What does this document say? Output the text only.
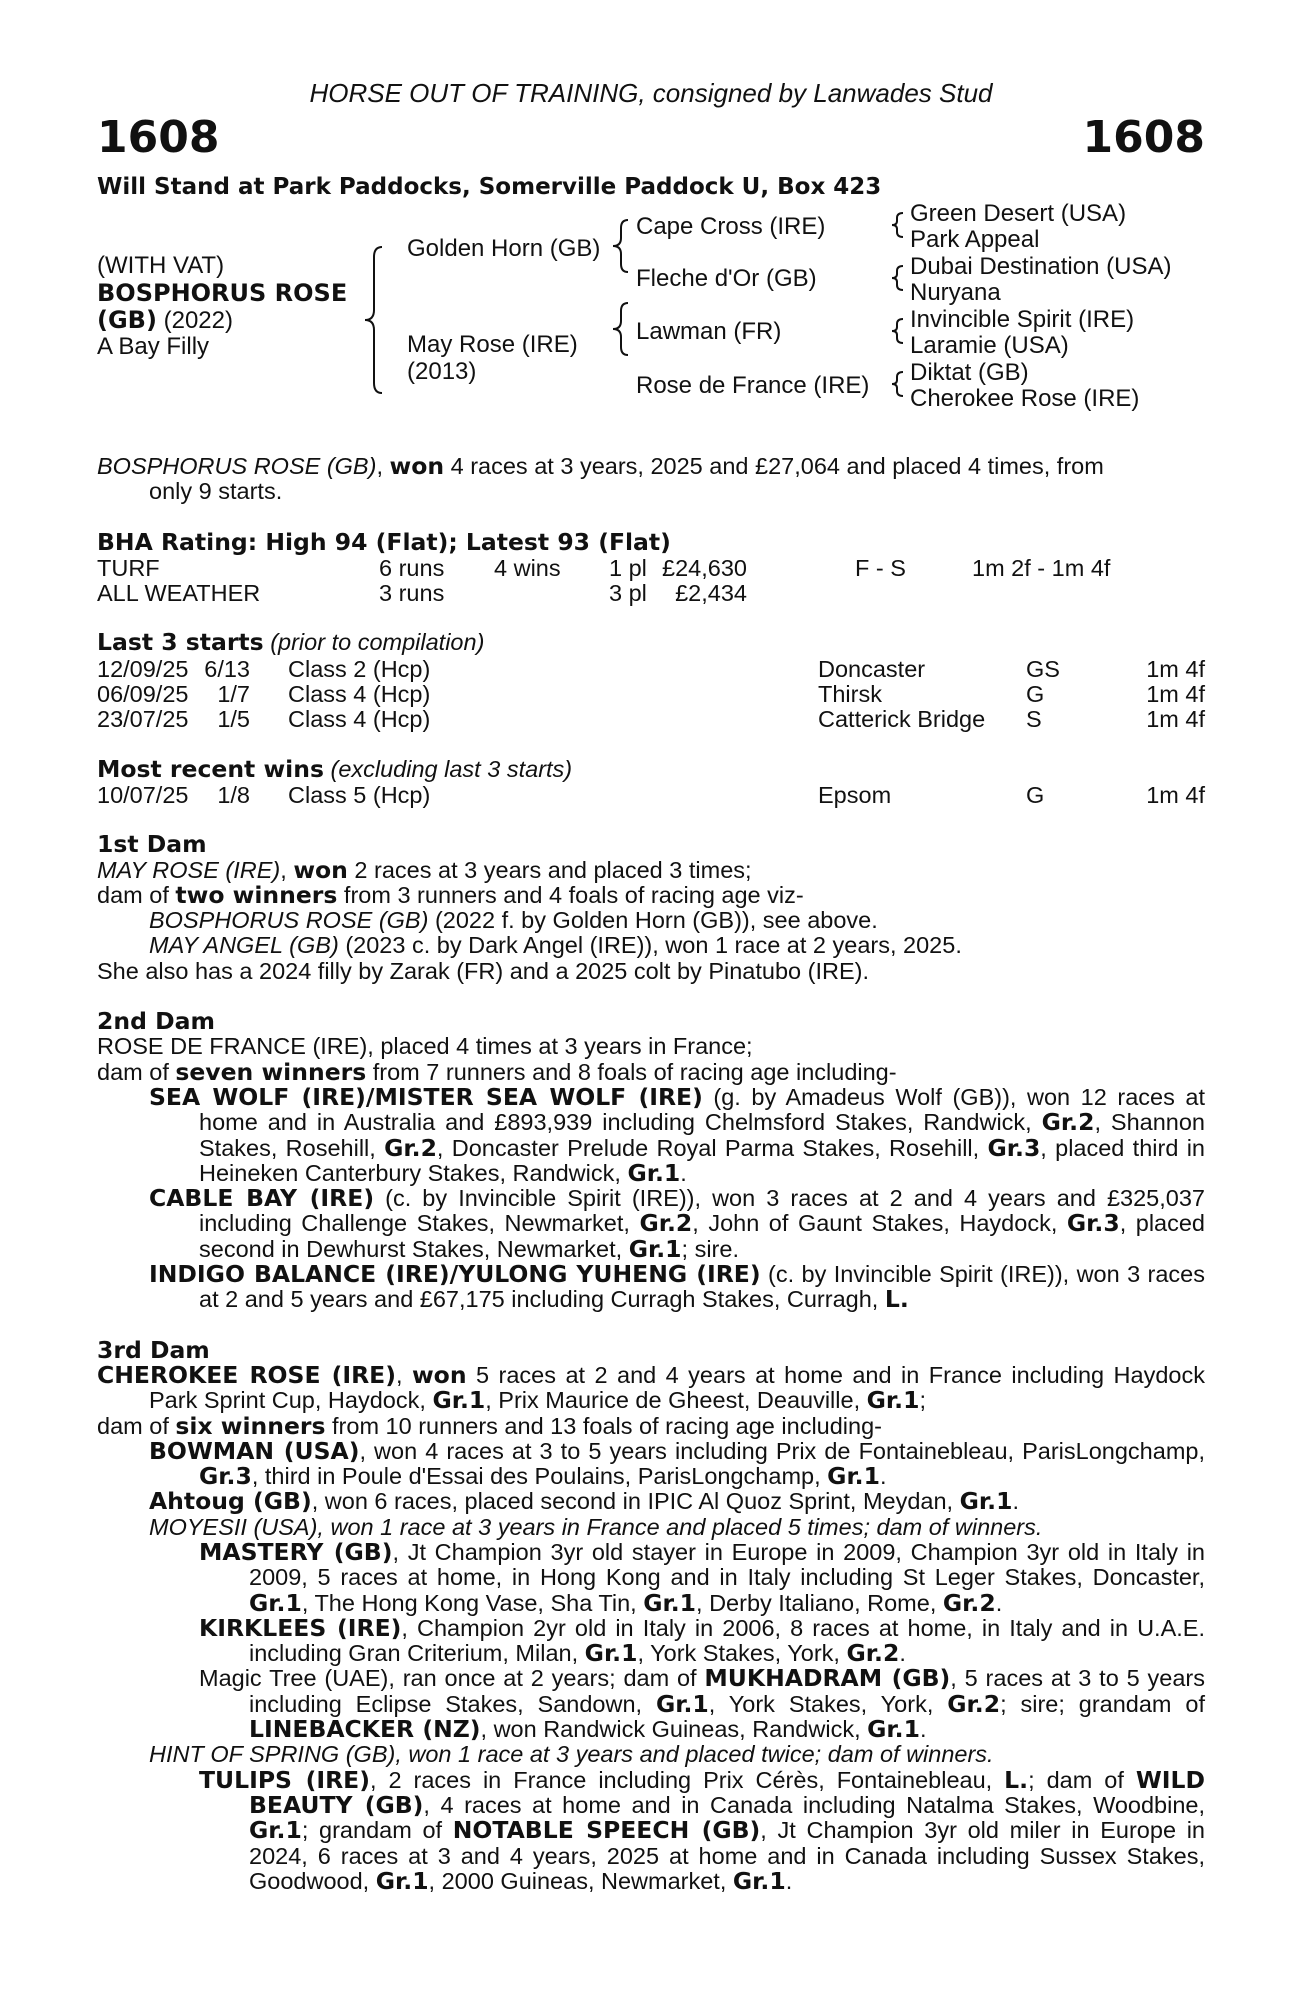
HORSE OUT OF TRAINING, consigned by Lanwades Stud
1608	1608
Will Stand at Park Paddocks, Somerville Paddock U, Box 423
(WITH VAT)
BOSPHORUS ROSE
(GB) (2022)
A Bay Filly
Golden Horn (GB)
May Rose (IRE)
(2013)
Cape Cross (IRE)
Fleche d'Or (GB)
Lawman (FR)
Rose de France (IRE)
Green Desert (USA)
Park Appeal
Dubai Destination (USA)
Nuryana
Invincible Spirit (IRE)
Laramie (USA)
Diktat (GB)
Cherokee Rose (IRE)
BOSPHORUS ROSE (GB), won 4 races at 3 years, 2025 and £27,064 and placed 4 times, from
only 9 starts.
BHA Rating: High 94 (Flat); Latest 93 (Flat)
TURF	6 runs 4 wins 1 pl £24,630	F - S	1m 2f - 1m 4f
ALL WEATHER	3 runs	3 pl £2,434
Last 3 starts (prior to compilation)
12/09/25 6/13 Class 2 (Hcp)	Doncaster	GS	1m 4f
06/09/25 1/7 Class 4 (Hcp)	Thirsk	G	1m 4f
23/07/25 1/5 Class 4 (Hcp)	Catterick Bridge S	1m 4f
Most recent wins (excluding last 3 starts)
10/07/25 1/8 Class 5 (Hcp)	Epsom	G	1m 4f
1st Dam
MAY ROSE (IRE), won 2 races at 3 years and placed 3 times;
dam of two winners from 3 runners and 4 foals of racing age viz-
BOSPHORUS ROSE (GB) (2022 f. by Golden Horn (GB)), see above.
MAY ANGEL (GB) (2023 c. by Dark Angel (IRE)), won 1 race at 2 years, 2025.
She also has a 2024 filly by Zarak (FR) and a 2025 colt by Pinatubo (IRE).
2nd Dam
ROSE DE FRANCE (IRE), placed 4 times at 3 years in France;
dam of seven winners from 7 runners and 8 foals of racing age including-
SEA WOLF (IRE)/MISTER SEA WOLF (IRE) (g. by Amadeus Wolf (GB)), won 12 races at home and in Australia and £893,939 including Chelmsford Stakes, Randwick, Gr.2, Shannon Stakes, Rosehill, Gr.2, Doncaster Prelude Royal Parma Stakes, Rosehill, Gr.3, placed third in Heineken Canterbury Stakes, Randwick, Gr.1.
CABLE BAY (IRE) (c. by Invincible Spirit (IRE)), won 3 races at 2 and 4 years and £325,037 including Challenge Stakes, Newmarket, Gr.2, John of Gaunt Stakes, Haydock, Gr.3, placed second in Dewhurst Stakes, Newmarket, Gr.1; sire.
INDIGO BALANCE (IRE)/YULONG YUHENG (IRE) (c. by Invincible Spirit (IRE)), won 3 races at 2 and 5 years and £67,175 including Curragh Stakes, Curragh, L.
3rd Dam
CHEROKEE ROSE (IRE), won 5 races at 2 and 4 years at home and in France including Haydock Park Sprint Cup, Haydock, Gr.1, Prix Maurice de Gheest, Deauville, Gr.1;
dam of six winners from 10 runners and 13 foals of racing age including-
BOWMAN (USA), won 4 races at 3 to 5 years including Prix de Fontainebleau, ParisLongchamp, Gr.3, third in Poule d'Essai des Poulains, ParisLongchamp, Gr.1.
Ahtoug (GB), won 6 races, placed second in IPIC Al Quoz Sprint, Meydan, Gr.1.
MOYESII (USA), won 1 race at 3 years in France and placed 5 times; dam of winners.
MASTERY (GB), Jt Champion 3yr old stayer in Europe in 2009, Champion 3yr old in Italy in 2009, 5 races at home, in Hong Kong and in Italy including St Leger Stakes, Doncaster, Gr.1, The Hong Kong Vase, Sha Tin, Gr.1, Derby Italiano, Rome, Gr.2.
KIRKLEES (IRE), Champion 2yr old in Italy in 2006, 8 races at home, in Italy and in U.A.E. including Gran Criterium, Milan, Gr.1, York Stakes, York, Gr.2.
Magic Tree (UAE), ran once at 2 years; dam of MUKHADRAM (GB), 5 races at 3 to 5 years including Eclipse Stakes, Sandown, Gr.1, York Stakes, York, Gr.2; sire; grandam of LINEBACKER (NZ), won Randwick Guineas, Randwick, Gr.1.
HINT OF SPRING (GB), won 1 race at 3 years and placed twice; dam of winners.
TULIPS (IRE), 2 races in France including Prix Cérès, Fontainebleau, L.; dam of WILD BEAUTY (GB), 4 races at home and in Canada including Natalma Stakes, Woodbine, Gr.1; grandam of NOTABLE SPEECH (GB), Jt Champion 3yr old miler in Europe in 2024, 6 races at 3 and 4 years, 2025 at home and in Canada including Sussex Stakes, Goodwood, Gr.1, 2000 Guineas, Newmarket, Gr.1.
